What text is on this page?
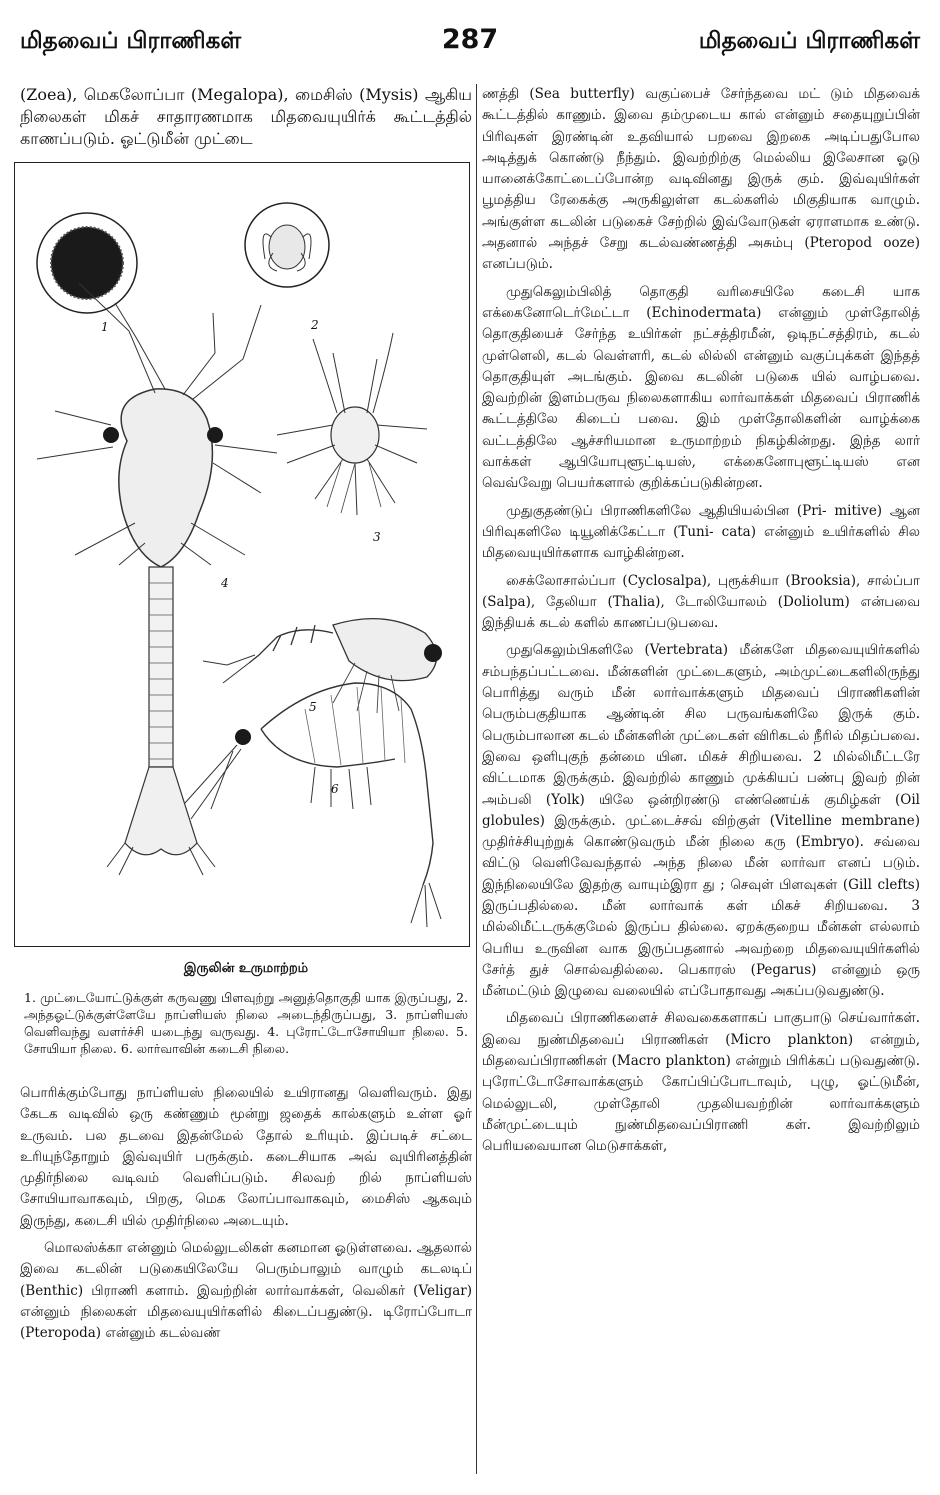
மிதவைப் பிராணிகள்	287	மிதவைப் பிராணிகள்

(Zoea), மெகலோப்பா (Megalopa), மைசிஸ் (Mysis) ஆகிய நிலைகள் மிகச் சாதாரணமாக மிதவையுயிர்க் கூட்டத்தில் காணப்படும். ஓட்டுமீன் முட்டை

1	2
3
4
5
6
இருலின் உருமாற்றம்

1. முட்டையோட்டுக்குள் கருவணு பிளவுற்று அனுத்தொகுதி யாக இருப்பது, 2. அந்தஓட்டுக்குள்ளேயே நாப்ளியஸ் நிலை அடைந்திருப்பது, 3. நாப்ளியஸ் வெளிவந்து வளர்ச்சி யடைந்து வருவது. 4. புரோட்டோசோயியா நிலை. 5. சோயியா நிலை. 6. லார்வாவின் கடைசி நிலை.

பொரிக்கும்போது நாப்ளியஸ் நிலையில் உயிரானது வெளிவரும். இது கேடக வடிவில் ஒரு கண்ணும் மூன்று ஜதைக் கால்களும் உள்ள ஓர் உருவம். பல தடவை இதன்மேல் தோல் உரியும். இப்படிச் சட்டை உரியுந்தோறும் இவ்வுயிர் பருக்கும். கடைசியாக அவ் வுயிரினத்தின் முதிர்நிலை வடிவம் வெளிப்படும். சிலவற் றில் நாப்ளியஸ் சோயியாவாகவும், பிறகு, மெக லோப்பாவாகவும், மைசிஸ் ஆகவும் இருந்து, கடைசி யில் முதிர்நிலை அடையும்.

மொலஸ்க்கா என்னும் மெல்லுடலிகள் கனமான ஓடுள்ளவை. ஆதலால் இவை கடலின் படுகையிலேயே பெரும்பாலும் வாழும் கடலடிப் (Benthic) பிராணி களாம். இவற்றின் லார்வாக்கள், வெலிகர் (Veligar) என்னும் நிலைகள் மிதவையுயிர்களில் கிடைப்பதுண்டு. டிரோப்போடா (Pteropoda) என்னும் கடல்வண்

ணத்தி (Sea butterfly) வகுப்பைச் சேர்ந்தவை மட் டும் மிதவைக் கூட்டத்தில் காணும். இவை தம்முடைய கால் என்னும் சதையுறுப்பின் பிரிவுகள் இரண்டின் உதவியால் பறவை இறகை அடிப்பதுபோல அடித்துக் கொண்டு நீந்தும். இவற்றிற்கு மெல்லிய இலேசான ஓடு யானைக்கோட்டைப்போன்ற வடிவினது இருக் கும். இவ்வுயிர்கள் பூமத்திய ரேகைக்கு அருகிலுள்ள கடல்களில் மிகுதியாக வாழும். அங்குள்ள கடலின் படுகைச் சேற்றில் இவ்வோடுகள் ஏராளமாக உண்டு. அதனால் அந்தச் சேறு கடல்வண்ணத்தி அசும்பு (Pteropod ooze) எனப்படும்.

முதுகெலும்பிலித் தொகுதி வரிசையிலே கடைசி யாக எக்கைனோடெர்மேட்டா (Echinodermata) என்னும் முள்தோலித் தொகுதியைச் சேர்ந்த உயிர்கள் நட்சத்திரமீன், ஒடிநட்சத்திரம், கடல் முள்ளெலி, கடல் வெள்ளரி, கடல் லில்லி என்னும் வகுப்புக்கள் இந்தத் தொகுதியுள் அடங்கும். இவை கடலின் படுகை யில் வாழ்பவை. இவற்றின் இளம்பருவ நிலைகளாகிய லார்வாக்கள் மிதவைப் பிராணிக் கூட்டத்திலே கிடைப் பவை. இம் முள்தோலிகளின் வாழ்க்கை வட்டத்திலே ஆச்சரியமான உருமாற்றம் நிகழ்கின்றது. இந்த லார் வாக்கள் ஆபியோபுளூட்டியஸ், எக்கைனோபுளூட்டியஸ் என வெவ்வேறு பெயர்களால் குறிக்கப்படுகின்றன.

முதுகுதண்டுப் பிராணிகளிலே ஆதியியல்பின (Pri- mitive) ஆன பிரிவுகளிலே டியூனிக்கேட்டா (Tuni- cata) என்னும் உயிர்களில் சில மிதவையுயிர்களாக வாழ்கின்றன.

சைக்லோசால்ப்பா (Cyclosalpa), புரூக்சியா (Brooksia), சால்ப்பா (Salpa), தேலியா (Thalia), டோலியோலம் (Doliolum) என்பவை இந்தியக் கடல் களில் காணப்படுபவை.

முதுகெலும்பிகளிலே (Vertebrata) மீன்களே மிதவையுயிர்களில் சம்பந்தப்பட்டவை. மீன்களின் முட்டைகளும், அம்முட்டைகளிலிருந்து பொரித்து வரும் மீன் லார்வாக்களும் மிதவைப் பிராணிகளின் பெரும்பகுதியாக ஆண்டின் சில பருவங்களிலே இருக் கும். பெரும்பாலான கடல் மீன்களின் முட்டைகள் விரிகடல் நீரில் மிதப்பவை. இவை ஒளிபுகுந் தன்மை யின. மிகச் சிறியவை. 2 மில்லிமீட்டரே விட்டமாக இருக்கும். இவற்றில் காணும் முக்கியப் பண்பு இவற் றின் அம்பலி (Yolk) யிலே ஒன்றிரண்டு எண்ணெய்க் குமிழ்கள் (Oil globules) இருக்கும். முட்டைச்சவ் விற்குள் (Vitelline membrane) முதிர்ச்சியுற்றுக் கொண்டுவரும் மீன் நிலை கரு (Embryo). சவ்வை விட்டு வெளிவேவந்தால் அந்த நிலை மீன் லார்வா எனப் படும். இந்நிலையிலே இதற்கு வாயும்இரா து ; செவுள் பிளவுகள் (Gill clefts) இருப்பதில்லை. மீன் லார்வாக் கள் மிகச் சிறியவை. 3 மில்லிமீட்டருக்குமேல் இருப்ப தில்லை. ஏறக்குறைய மீன்கள் எல்லாம் பெரிய உருவின வாக இருப்பதனால் அவற்றை மிதவையுயிர்களில் சேர்த் துச் சொல்வதில்லை. பெகாரஸ் (Pegarus) என்னும் ஒரு மீன்மட்டும் இழுவை வலையில் எப்போதாவது அகப்படுவதுண்டு.

மிதவைப் பிராணிகளைச் சிலவகைகளாகப் பாகுபாடு செய்வார்கள். இவை நுண்மிதவைப் பிராணிகள் (Micro plankton) என்றும், மிதவைப்பிராணிகள் (Macro plankton) என்றும் பிரிக்கப் படுவதுண்டு. புரோட்டோசோவாக்களும் கோப்பிப்போடாவும், புழு, ஓட்டுமீன், மெல்லுடலி, முள்தோலி முதலியவற்றின் லார்வாக்களும் மீன்முட்டையும் நுண்மிதவைப்பிராணி கள். இவற்றிலும் பெரியவையான மெடுசாக்கள்,
